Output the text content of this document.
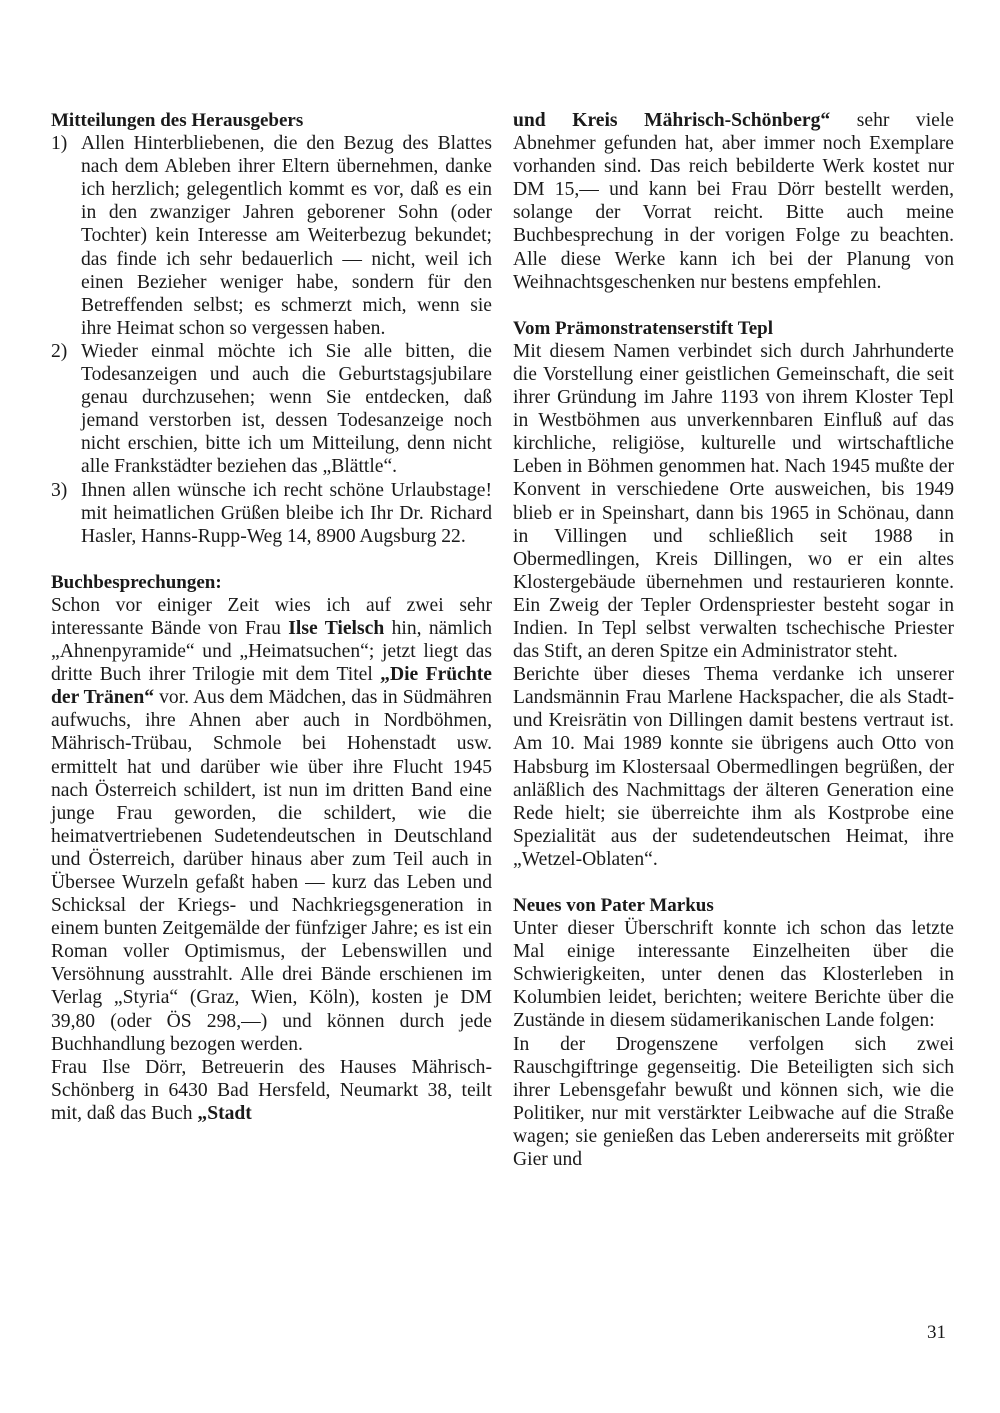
Mitteilungen des Herausgebers

1) Allen Hinterbliebenen, die den Bezug des Blattes nach dem Ableben ihrer Eltern übernehmen, danke ich herzlich; gelegentlich kommt es vor, daß es ein in den zwanziger Jahren geborener Sohn (oder Tochter) kein Interesse am Weiterbezug bekundet; das finde ich sehr bedauerlich — nicht, weil ich einen Bezieher weniger habe, sondern für den Betreffenden selbst; es schmerzt mich, wenn sie ihre Heimat schon so vergessen haben.
2) Wieder einmal möchte ich Sie alle bitten, die Todesanzeigen und auch die Geburtstagsjubilare genau durchzusehen; wenn Sie entdecken, daß jemand verstorben ist, dessen Todesanzeige noch nicht erschien, bitte ich um Mitteilung, denn nicht alle Frankstädter beziehen das „Blättle“.
3) Ihnen allen wünsche ich recht schöne Urlaubstage! mit heimatlichen Grüßen bleibe ich Ihr Dr. Richard Hasler, Hanns-Rupp-Weg 14, 8900 Augsburg 22.

Buchbesprechungen:

Schon vor einiger Zeit wies ich auf zwei sehr interessante Bände von Frau Ilse Tielsch hin, nämlich „Ahnenpyramide“ und „Heimatsuchen“; jetzt liegt das dritte Buch ihrer Trilogie mit dem Titel „Die Früchte der Tränen“ vor. Aus dem Mädchen, das in Südmähren aufwuchs, ihre Ahnen aber auch in Nordböhmen, Mährisch-Trübau, Schmole bei Hohenstadt usw. ermittelt hat und darüber wie über ihre Flucht 1945 nach Österreich schildert, ist nun im dritten Band eine junge Frau geworden, die schildert, wie die heimatvertriebenen Sudetendeutschen in Deutschland und Österreich, darüber hinaus aber zum Teil auch in Übersee Wurzeln gefaßt haben — kurz das Leben und Schicksal der Kriegs- und Nachkriegsgeneration in einem bunten Zeitgemälde der fünfziger Jahre; es ist ein Roman voller Optimismus, der Lebenswillen und Versöhnung ausstrahlt. Alle drei Bände erschienen im Verlag „Styria“ (Graz, Wien, Köln), kosten je DM 39,80 (oder ÖS 298,—) und können durch jede Buchhandlung bezogen werden.

Frau Ilse Dörr, Betreuerin des Hauses Mährisch-Schönberg in 6430 Bad Hersfeld, Neumarkt 38, teilt mit, daß das Buch „Stadt

und Kreis Mährisch-Schönberg“ sehr viele Abnehmer gefunden hat, aber immer noch Exemplare vorhanden sind. Das reich bebilderte Werk kostet nur DM 15,— und kann bei Frau Dörr bestellt werden, solange der Vorrat reicht. Bitte auch meine Buchbesprechung in der vorigen Folge zu beachten. Alle diese Werke kann ich bei der Planung von Weihnachtsgeschenken nur bestens empfehlen.

Vom Prämonstratenserstift Tepl

Mit diesem Namen verbindet sich durch Jahrhunderte die Vorstellung einer geistlichen Gemeinschaft, die seit ihrer Gründung im Jahre 1193 von ihrem Kloster Tepl in Westböhmen aus unverkennbaren Einfluß auf das kirchliche, religiöse, kulturelle und wirtschaftliche Leben in Böhmen genommen hat. Nach 1945 mußte der Konvent in verschiedene Orte ausweichen, bis 1949 blieb er in Speinshart, dann bis 1965 in Schönau, dann in Villingen und schließlich seit 1988 in Obermedlingen, Kreis Dillingen, wo er ein altes Klostergebäude übernehmen und restaurieren konnte. Ein Zweig der Tepler Ordenspriester besteht sogar in Indien. In Tepl selbst verwalten tschechische Priester das Stift, an deren Spitze ein Administrator steht.

Berichte über dieses Thema verdanke ich unserer Landsmännin Frau Marlene Hackspacher, die als Stadt- und Kreisrätin von Dillingen damit bestens vertraut ist. Am 10. Mai 1989 konnte sie übrigens auch Otto von Habsburg im Klostersaal Obermedlingen begrüßen, der anläßlich des Nachmittags der älteren Generation eine Rede hielt; sie überreichte ihm als Kostprobe eine Spezialität aus der sudetendeutschen Heimat, ihre „Wetzel-Oblaten“.

Neues von Pater Markus

Unter dieser Überschrift konnte ich schon das letzte Mal einige interessante Einzelheiten über die Schwierigkeiten, unter denen das Klosterleben in Kolumbien leidet, berichten; weitere Berichte über die Zustände in diesem südamerikanischen Lande folgen:

In der Drogenszene verfolgen sich zwei Rauschgiftringe gegenseitig. Die Beteiligten sich sich ihrer Lebensgefahr bewußt und können sich, wie die Politiker, nur mit verstärkter Leibwache auf die Straße wagen; sie genießen das Leben andererseits mit größter Gier und

31
